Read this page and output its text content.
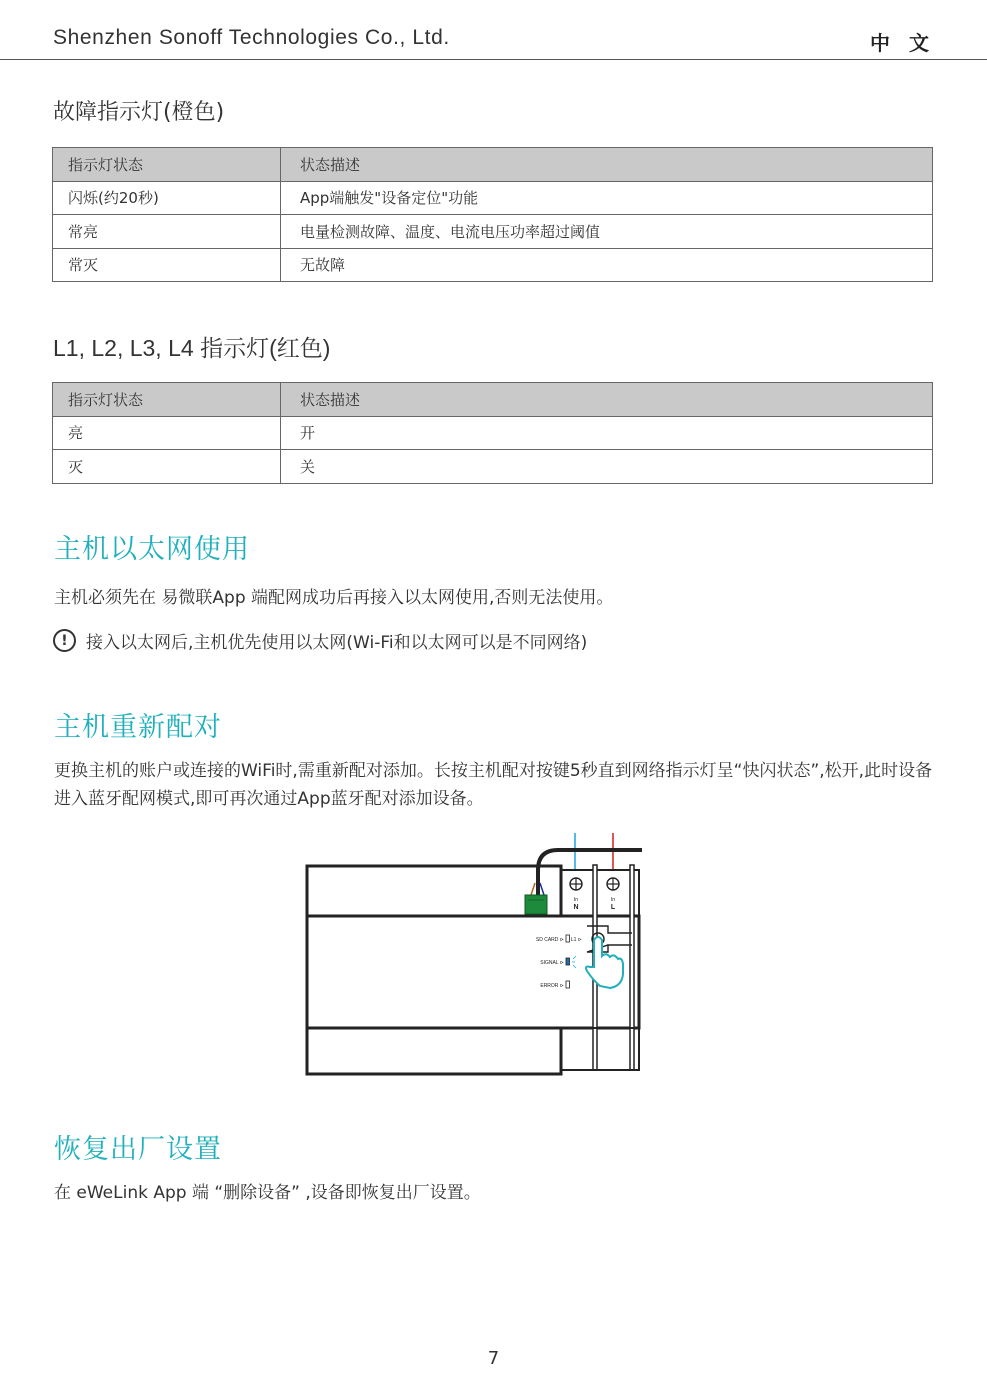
Shenzhen Sonoff Technologies Co., Ltd.	中 文
故障指示灯(橙色)
指示灯状态	状态描述
闪烁(约20秒)	App端触发"设备定位"功能
常亮	电量检测故障、温度、电流电压功率超过阈值
常灭	无故障
L1, L2, L3, L4 指示灯(红色)
指示灯状态	状态描述
亮	开
灭	关
主机以太网使用
主机必须先在 易微联App 端配网成功后再接入以太网使用,否则无法使用。
!	接入以太网后,主机优先使用以太网(Wi-Fi和以太网可以是不同网络)
主机重新配对
更换主机的账户或连接的WiFi时,需重新配对添加。长按主机配对按键5秒直到网络指示灯呈“快闪状态”,松开,此时设备进入蓝牙配网模式,即可再次通过App蓝牙配对添加设备。
In
N
In
L
SD CARD ⊳ L1 ⊳
SIGNAL ⊳
ERROR ⊳
恢复出厂设置
在 eWeLink App 端 “删除设备” ,设备即恢复出厂设置。
7
